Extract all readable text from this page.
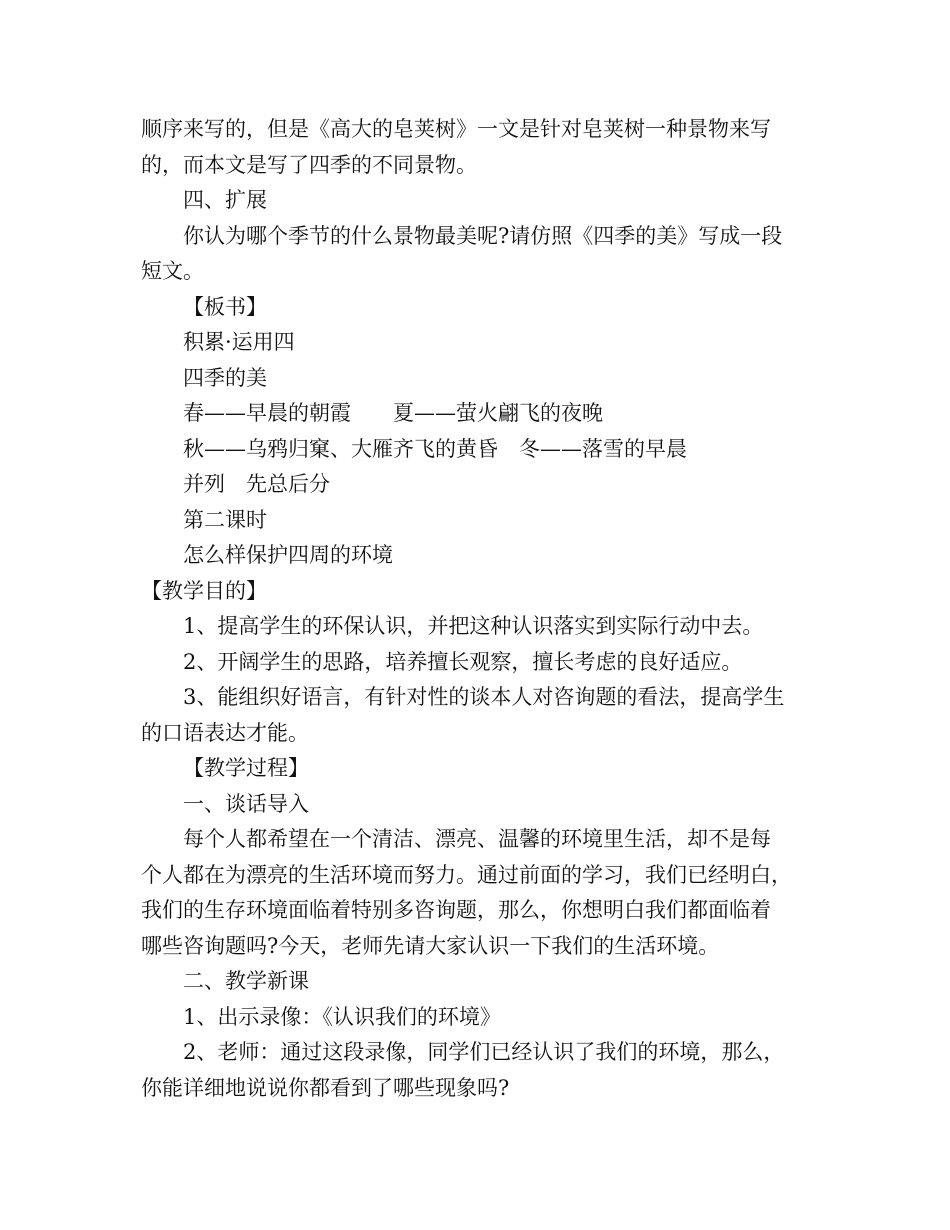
顺序来写的，但是《高大的皂荚树》一文是针对皂荚树一种景物来写
的，而本文是写了四季的不同景物。
四、扩展
你认为哪个季节的什么景物最美呢?请仿照《四季的美》写成一段
短文。
【板书】
积累·运用四
四季的美
春——早晨的朝霞　　夏——萤火翩飞的夜晚
秋——乌鸦归窠、大雁齐飞的黄昏　冬——落雪的早晨
并列　先总后分
第二课时
怎么样保护四周的环境
【教学目的】
1、提高学生的环保认识，并把这种认识落实到实际行动中去。
2、开阔学生的思路，培养擅长观察，擅长考虑的良好适应。
3、能组织好语言，有针对性的谈本人对咨询题的看法，提高学生
的口语表达才能。
【教学过程】
一、谈话导入
每个人都希望在一个清洁、漂亮、温馨的环境里生活，却不是每
个人都在为漂亮的生活环境而努力。通过前面的学习，我们已经明白，
我们的生存环境面临着特别多咨询题，那么，你想明白我们都面临着
哪些咨询题吗?今天，老师先请大家认识一下我们的生活环境。
二、教学新课
1、出示录像：《认识我们的环境》
2、老师：通过这段录像，同学们已经认识了我们的环境，那么，
你能详细地说说你都看到了哪些现象吗?
